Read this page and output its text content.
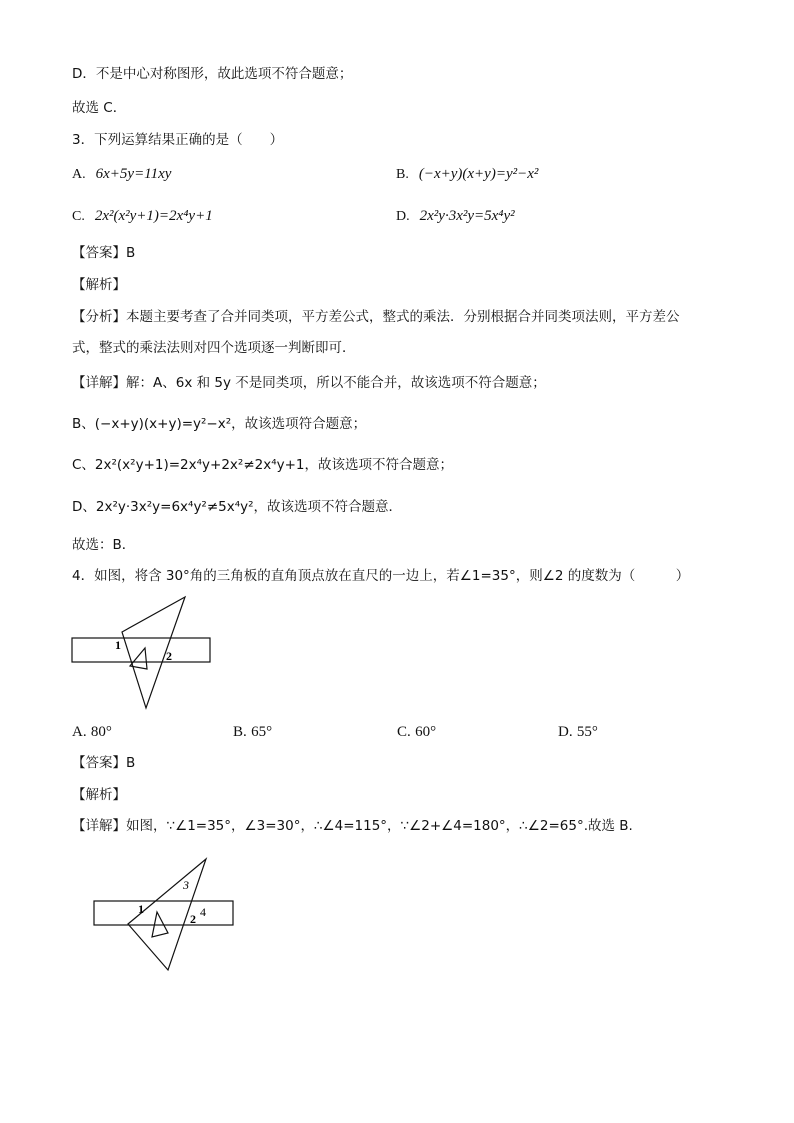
D．不是中心对称图形，故此选项不符合题意；
故选 C．
3．下列运算结果正确的是（　　）
A. 6x+5y=11xy	B. (−x+y)(x+y)=y²−x²
C. 2x²(x²y+1)=2x⁴y+1	D. 2x²y·3x²y=5x⁴y²
【答案】B
【解析】
【分析】本题主要考查了合并同类项，平方差公式，整式的乘法．分别根据合并同类项法则，平方差公
式，整式的乘法法则对四个选项逐一判断即可．
【详解】解：A、6x 和 5y 不是同类项，所以不能合并，故该选项不符合题意；
B、(−x+y)(x+y)=y²−x²，故该选项符合题意；
C、2x²(x²y+1)=2x⁴y+2x²≠2x⁴y+1，故该选项不符合题意；
D、2x²y·3x²y=6x⁴y²≠5x⁴y²，故该选项不符合题意．
故选：B．
4．如图，将含 30°角的三角板的直角顶点放在直尺的一边上，若∠1=35°，则∠2 的度数为（　　　）
1
2
A. 80°	B. 65°	C. 60°	D. 55°
【答案】B
【解析】
【详解】如图，∵∠1=35°，∠3=30°，∴∠4=115°，∵∠2+∠4=180°，∴∠2=65°.故选 B.
3
1
2 4
